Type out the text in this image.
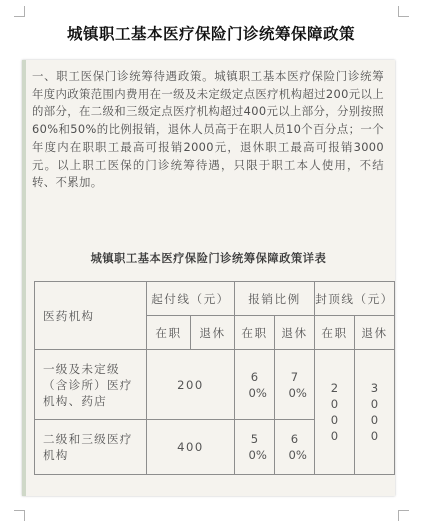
城镇职工基本医疗保险门诊统筹保障政策
一、职工医保门诊统筹待遇政策。城镇职工基本医疗保险门诊统筹年度内政策范围内费用在一级及未定级定点医疗机构超过200元以上的部分，在二级和三级定点医疗机构超过400元以上部分，分别按照60%和50%的比例报销，退休人员高于在职人员10个百分点；一个年度内在职职工最高可报销2000元，退休职工最高可报销3000元。以上职工医保的门诊统筹待遇，只限于职工本人使用，不结转、不累加。
城镇职工基本医疗保险门诊统筹保障政策详表
医药机构	起付线（元）		报销比例		封顶线（元）	
	在职	退休	在职	退休	在职	退休
一级及未定级（含诊所）医疗机构、药店	200		60%	70%	2000	3000
二级和三级医疗机构	400		50%	60%		
